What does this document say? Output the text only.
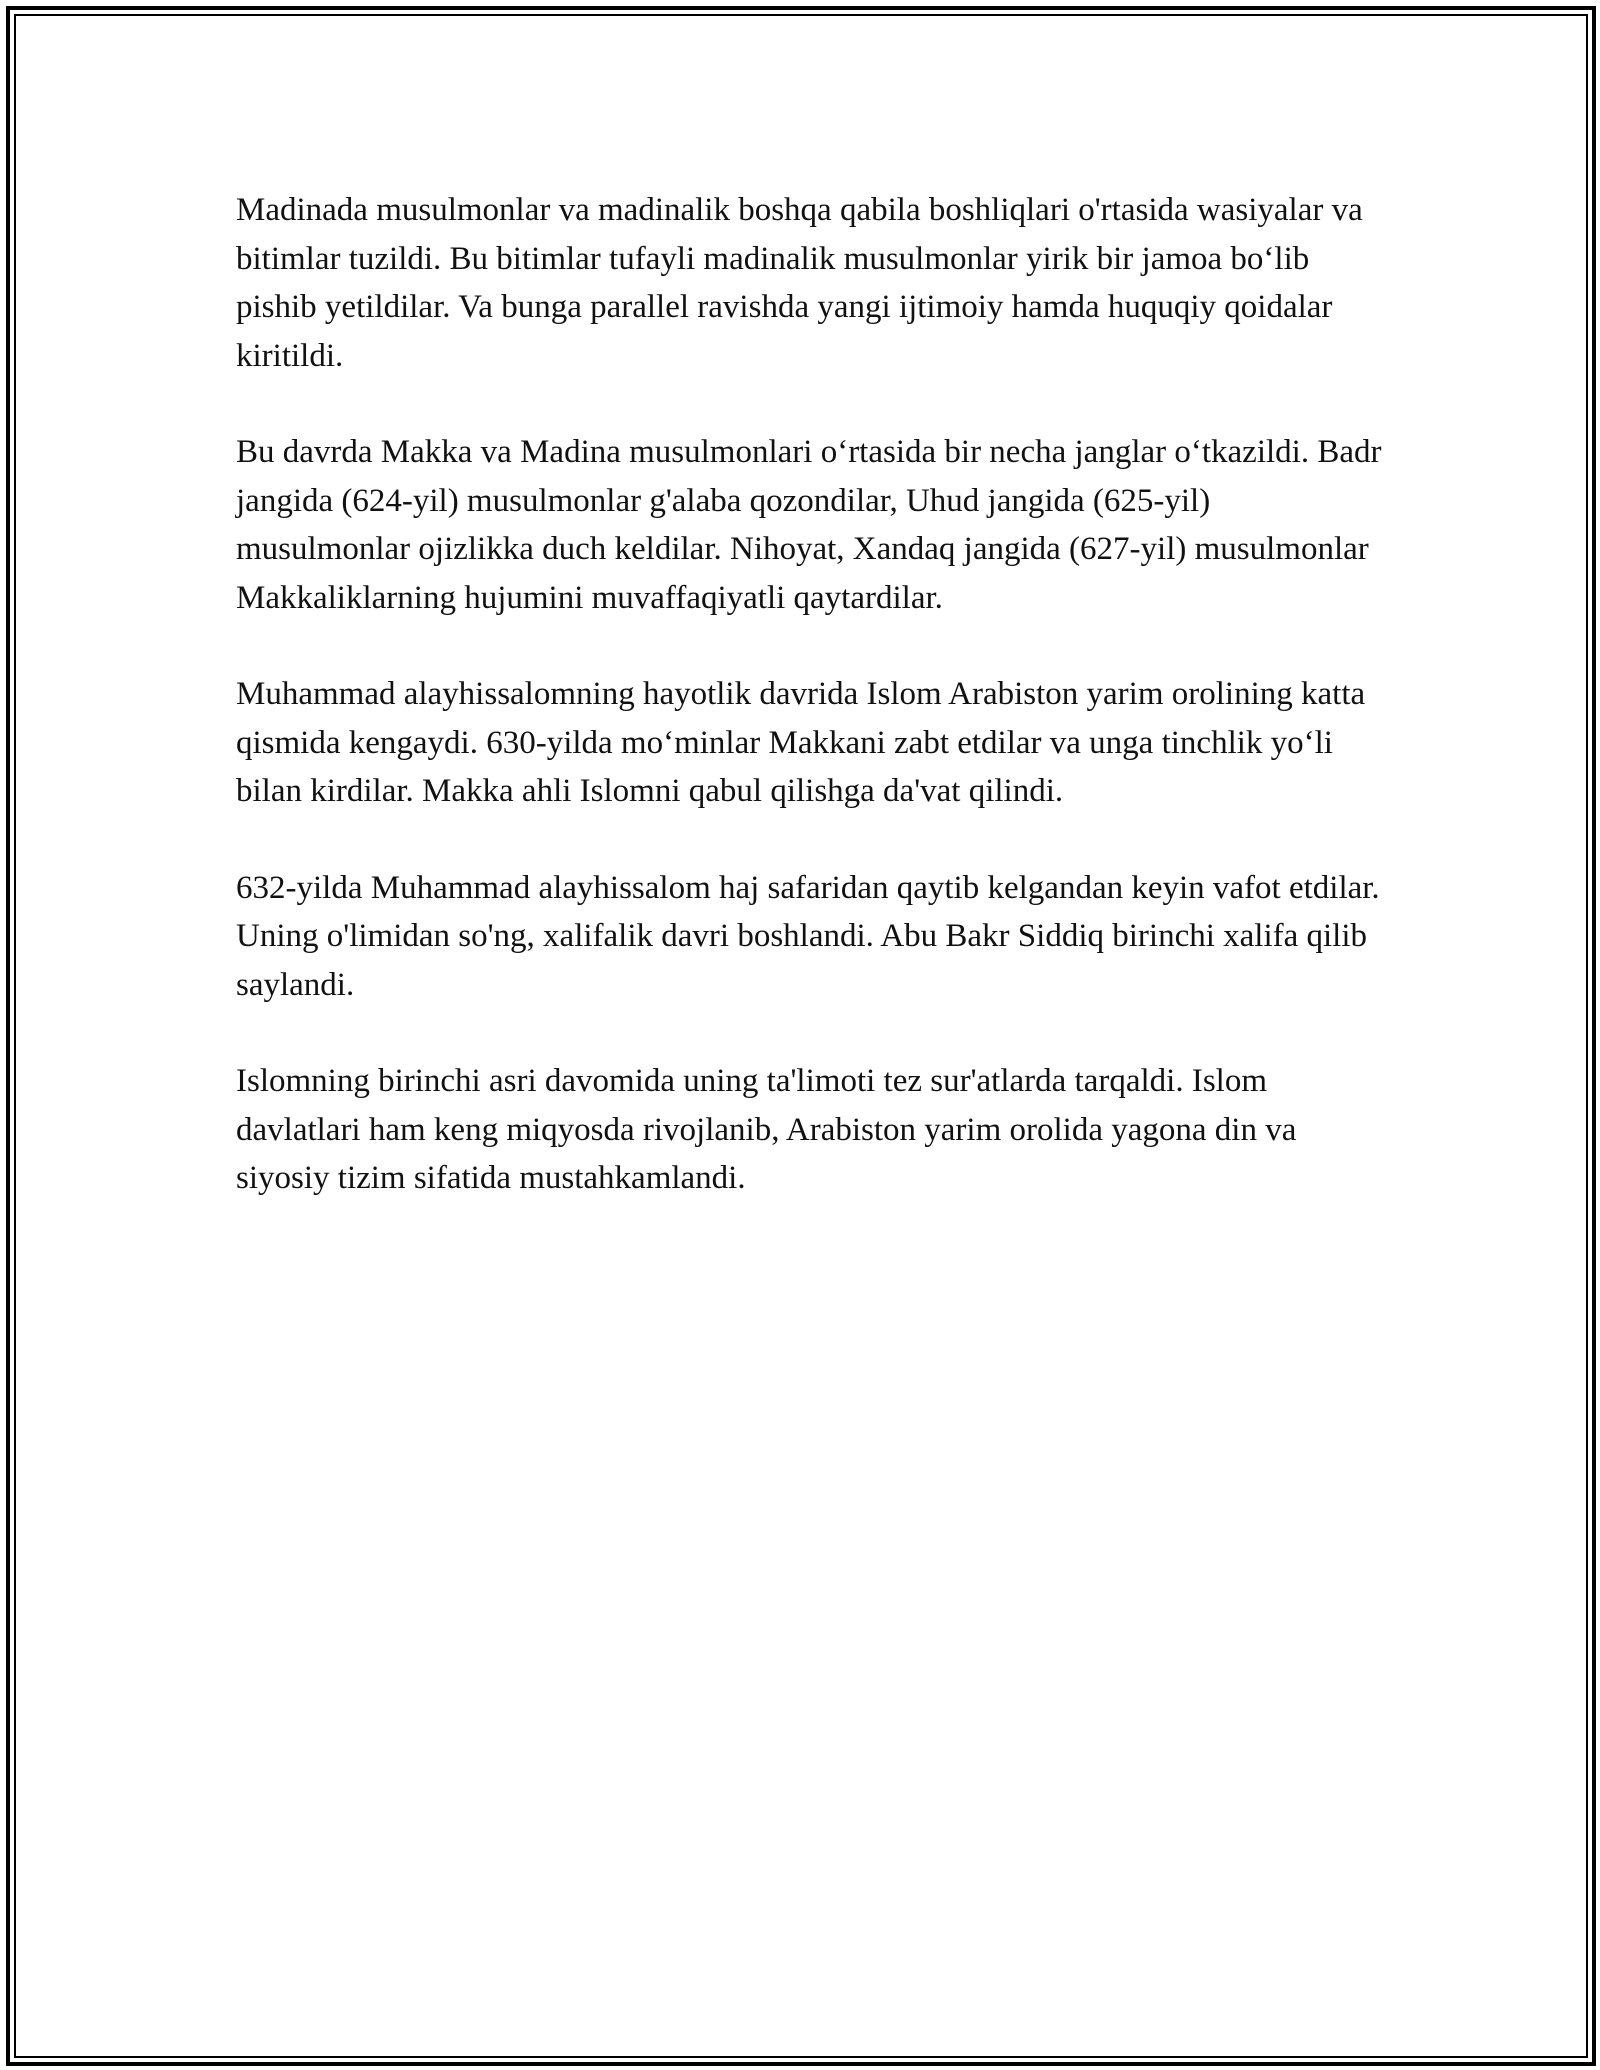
Madinada musulmonlar va madinalik boshqa qabila boshliqlari o'rtasida wasiyalar va bitimlar tuzildi. Bu bitimlar tufayli madinalik musulmonlar yirik bir jamoa bo‘lib pishib yetildilar. Va bunga parallel ravishda yangi ijtimoiy hamda huquqiy qoidalar kiritildi.

Bu davrda Makka va Madina musulmonlari o‘rtasida bir necha janglar o‘tkazildi. Badr jangida (624-yil) musulmonlar g'alaba qozondilar, Uhud jangida (625-yil) musulmonlar ojizlikka duch keldilar. Nihoyat, Xandaq jangida (627-yil) musulmonlar Makkaliklarning hujumini muvaffaqiyatli qaytardilar.

Muhammad alayhissalomning hayotlik davrida Islom Arabiston yarim orolining katta qismida kengaydi. 630-yilda mo‘minlar Makkani zabt etdilar va unga tinchlik yo‘li bilan kirdilar. Makka ahli Islomni qabul qilishga da'vat qilindi.

632-yilda Muhammad alayhissalom haj safaridan qaytib kelgandan keyin vafot etdilar. Uning o'limidan so'ng, xalifalik davri boshlandi. Abu Bakr Siddiq birinchi xalifa qilib saylandi.

Islomning birinchi asri davomida uning ta'limoti tez sur'atlarda tarqaldi. Islom davlatlari ham keng miqyosda rivojlanib, Arabiston yarim orolida yagona din va siyosiy tizim sifatida mustahkamlandi.
